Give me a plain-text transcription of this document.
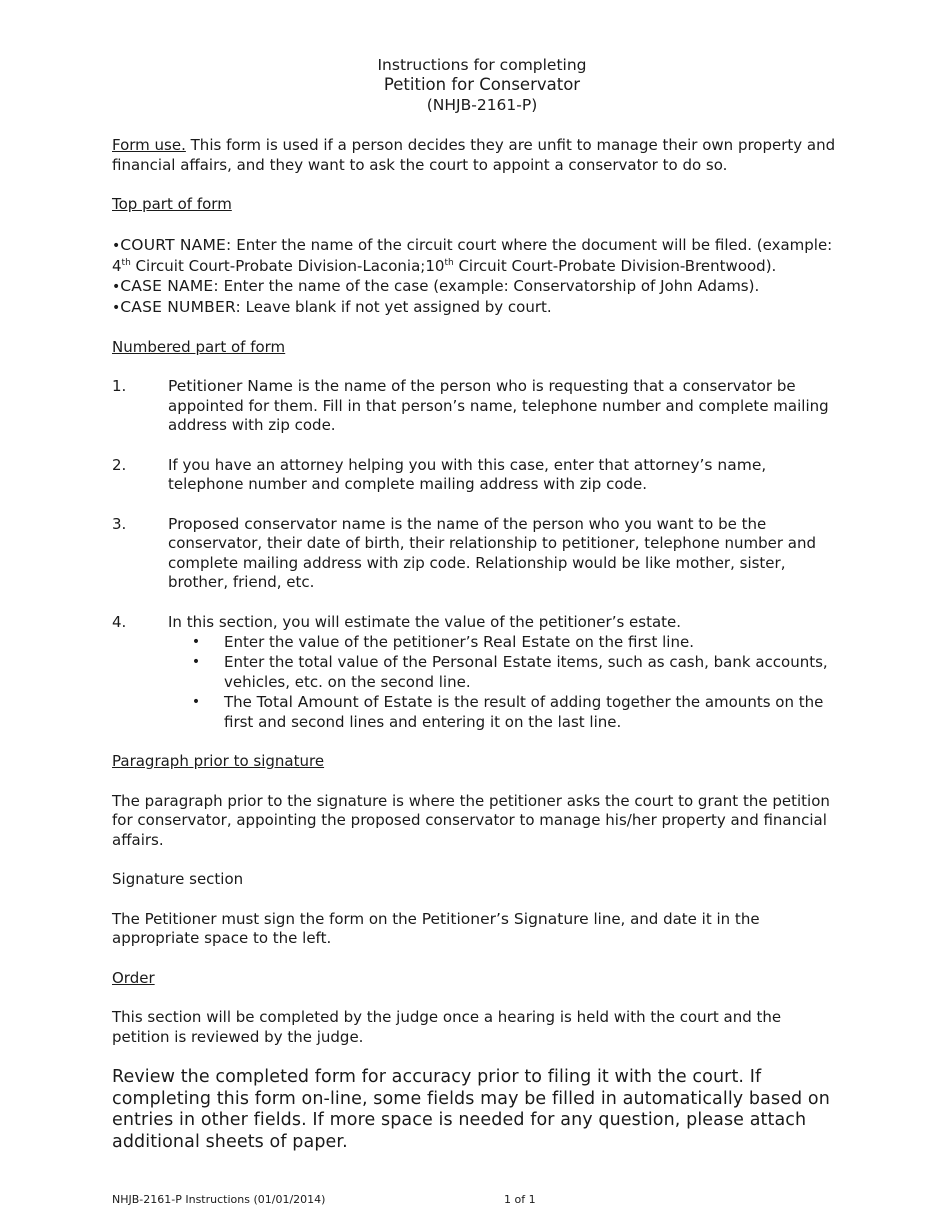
Instructions for completing
Petition for Conservator
(NHJB-2161-P)

Form use. This form is used if a person decides they are unfit to manage their own property and financial affairs, and they want to ask the court to appoint a conservator to do so.

Top part of form

•COURT NAME: Enter the name of the circuit court where the document will be filed. (example: 4th Circuit Court-Probate Division-Laconia;10th Circuit Court-Probate Division-Brentwood).
•CASE NAME: Enter the name of the case (example: Conservatorship of John Adams).
•CASE NUMBER: Leave blank if not yet assigned by court.

Numbered part of form

1.	Petitioner Name is the name of the person who is requesting that a conservator be appointed for them. Fill in that person’s name, telephone number and complete mailing address with zip code.
2.	If you have an attorney helping you with this case, enter that attorney’s name, telephone number and complete mailing address with zip code.
3.	Proposed conservator name is the name of the person who you want to be the conservator, their date of birth, their relationship to petitioner, telephone number and complete mailing address with zip code. Relationship would be like mother, sister, brother, friend, etc.
4.	In this section, you will estimate the value of the petitioner’s estate.
•	Enter the value of the petitioner’s Real Estate on the first line.
•	Enter the total value of the Personal Estate items, such as cash, bank accounts, vehicles, etc. on the second line.
•	The Total Amount of Estate is the result of adding together the amounts on the first and second lines and entering it on the last line.

Paragraph prior to signature

The paragraph prior to the signature is where the petitioner asks the court to grant the petition for conservator, appointing the proposed conservator to manage his/her property and financial affairs.

Signature section

The Petitioner must sign the form on the Petitioner’s Signature line, and date it in the appropriate space to the left.

Order

This section will be completed by the judge once a hearing is held with the court and the petition is reviewed by the judge.

Review the completed form for accuracy prior to filing it with the court. If completing this form on-line, some fields may be filled in automatically based on entries in other fields. If more space is needed for any question, please attach additional sheets of paper.

NHJB-2161-P Instructions (01/01/2014)	1 of 1
